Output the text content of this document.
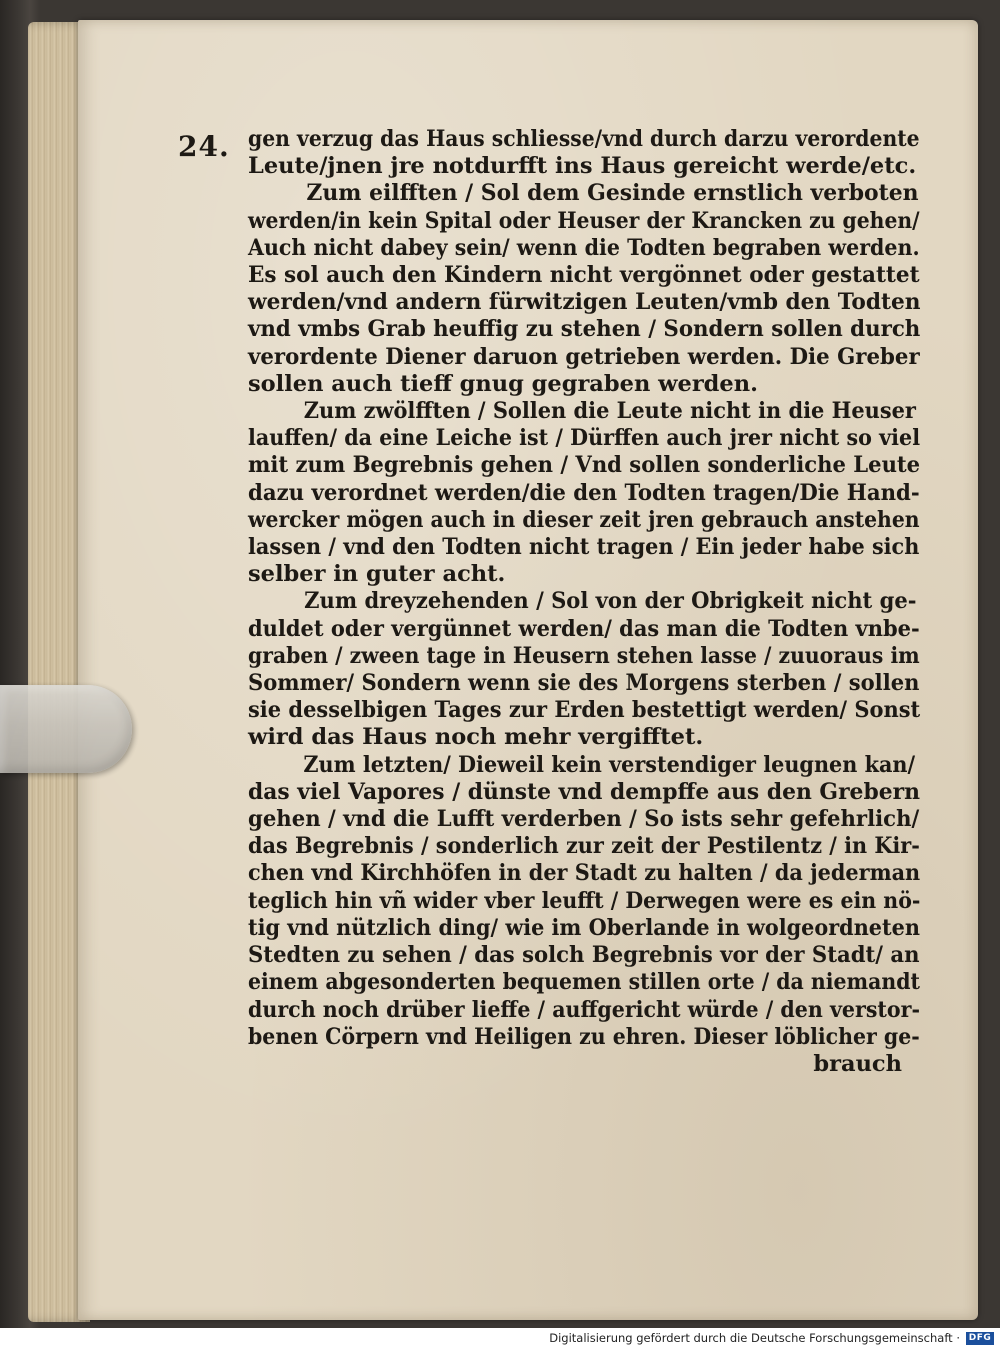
24. gen verzug das Haus schliesse/vnd durch darzu verordente
Leute/jnen jre notdurfft ins Haus gereicht werde/etc.
Zum eilfften / Sol dem Gesinde ernstlich verboten
werden/in kein Spital oder Heuser der Krancken zu gehen/
Auch nicht dabey sein/ wenn die Todten begraben werden.
Es sol auch den Kindern nicht vergönnet oder gestattet
werden/vnd andern fürwitzigen Leuten/vmb den Todten
vnd vmbs Grab heuffig zu stehen / Sondern sollen durch
verordente Diener daruon getrieben werden. Die Greber
sollen auch tieff gnug gegraben werden.
Zum zwölfften / Sollen die Leute nicht in die Heuser
lauffen/ da eine Leiche ist / Dürffen auch jrer nicht so viel
mit zum Begrebnis gehen / Vnd sollen sonderliche Leute
dazu verordnet werden/die den Todten tragen/Die Hand-
wercker mögen auch in dieser zeit jren gebrauch anstehen
lassen / vnd den Todten nicht tragen / Ein jeder habe sich
selber in guter acht.
Zum dreyzehenden / Sol von der Obrigkeit nicht ge-
duldet oder vergünnet werden/ das man die Todten vnbe-
graben / zween tage in Heusern stehen lasse / zuuoraus im
Sommer/ Sondern wenn sie des Morgens sterben / sollen
sie desselbigen Tages zur Erden bestettigt werden/ Sonst
wird das Haus noch mehr vergifftet.
Zum letzten/ Dieweil kein verstendiger leugnen kan/
das viel Vapores / dünste vnd dempffe aus den Grebern
gehen / vnd die Lufft verderben / So ists sehr gefehrlich/
das Begrebnis / sonderlich zur zeit der Pestilentz / in Kir-
chen vnd Kirchhöfen in der Stadt zu halten / da jederman
teglich hin vñ wider vber leufft / Derwegen were es ein nö-
tig vnd nützlich ding/ wie im Oberlande in wolgeordneten
Stedten zu sehen / das solch Begrebnis vor der Stadt/ an
einem abgesonderten bequemen stillen orte / da niemandt
durch noch drüber lieffe / auffgericht würde / den verstor-
benen Cörpern vnd Heiligen zu ehren. Dieser löblicher ge-
brauch
Digitalisierung gefördert durch die Deutsche Forschungsgemeinschaft · DFG
